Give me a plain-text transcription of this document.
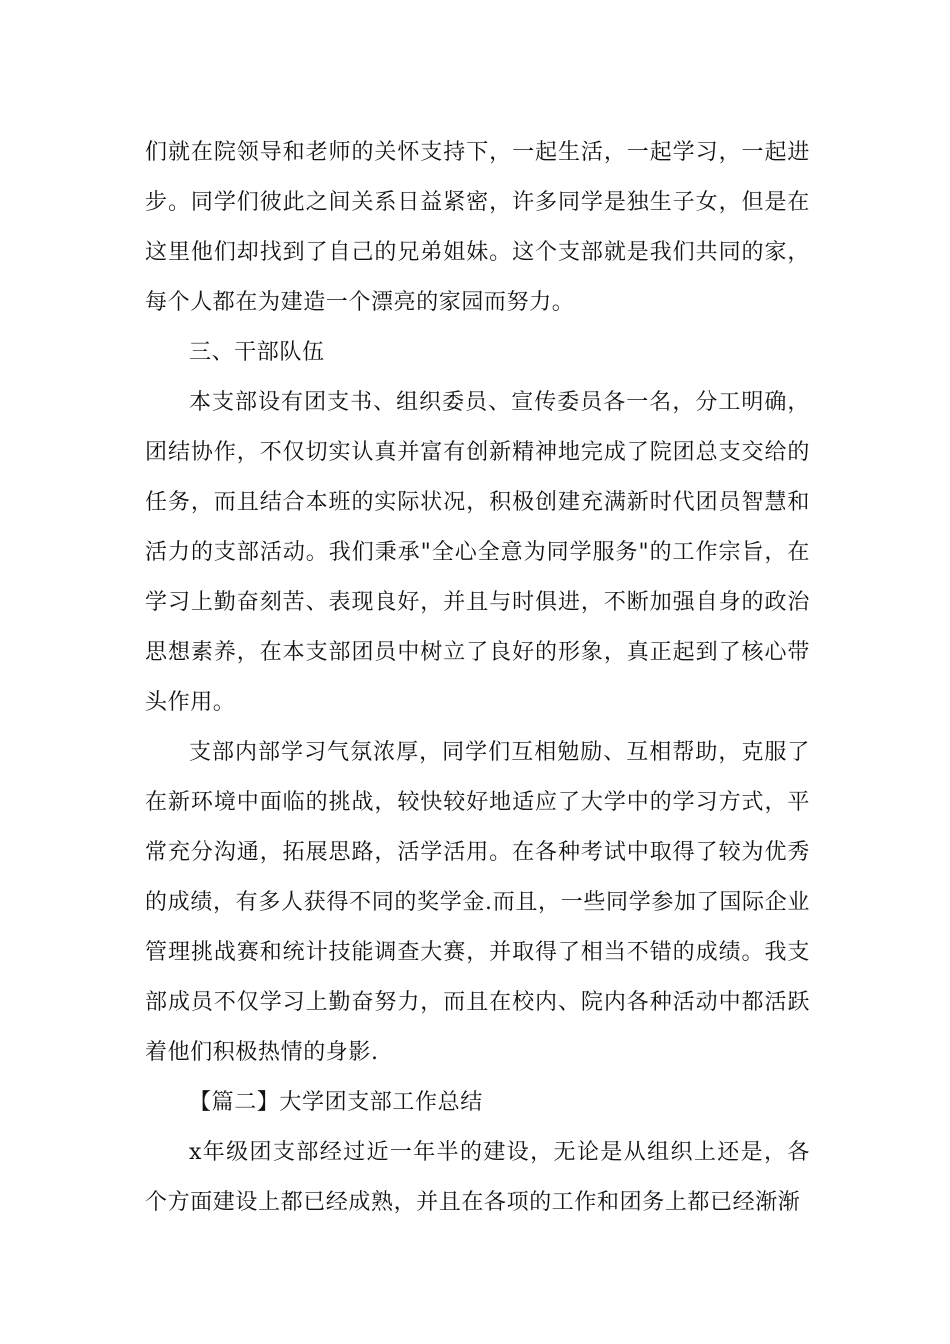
们就在院领导和老师的关怀支持下，一起生活，一起学习，一起进步。同学们彼此之间关系日益紧密，许多同学是独生子女，但是在这里他们却找到了自己的兄弟姐妹。这个支部就是我们共同的家，每个人都在为建造一个漂亮的家园而努力。

三、干部队伍

本支部设有团支书、组织委员、宣传委员各一名，分工明确，团结协作，不仅切实认真并富有创新精神地完成了院团总支交给的任务，而且结合本班的实际状况，积极创建充满新时代团员智慧和活力的支部活动。我们秉承"全心全意为同学服务"的工作宗旨，在学习上勤奋刻苦、表现良好，并且与时俱进，不断加强自身的政治思想素养，在本支部团员中树立了良好的形象，真正起到了核心带头作用。

支部内部学习气氛浓厚，同学们互相勉励、互相帮助，克服了在新环境中面临的挑战，较快较好地适应了大学中的学习方式，平常充分沟通，拓展思路，活学活用。在各种考试中取得了较为优秀的成绩，有多人获得不同的奖学金.而且，一些同学参加了国际企业管理挑战赛和统计技能调查大赛，并取得了相当不错的成绩。我支部成员不仅学习上勤奋努力，而且在校内、院内各种活动中都活跃着他们积极热情的身影.

【篇二】大学团支部工作总结

x年级团支部经过近一年半的建设，无论是从组织上还是，各个方面建设上都已经成熟，并且在各项的工作和团务上都已经渐渐
